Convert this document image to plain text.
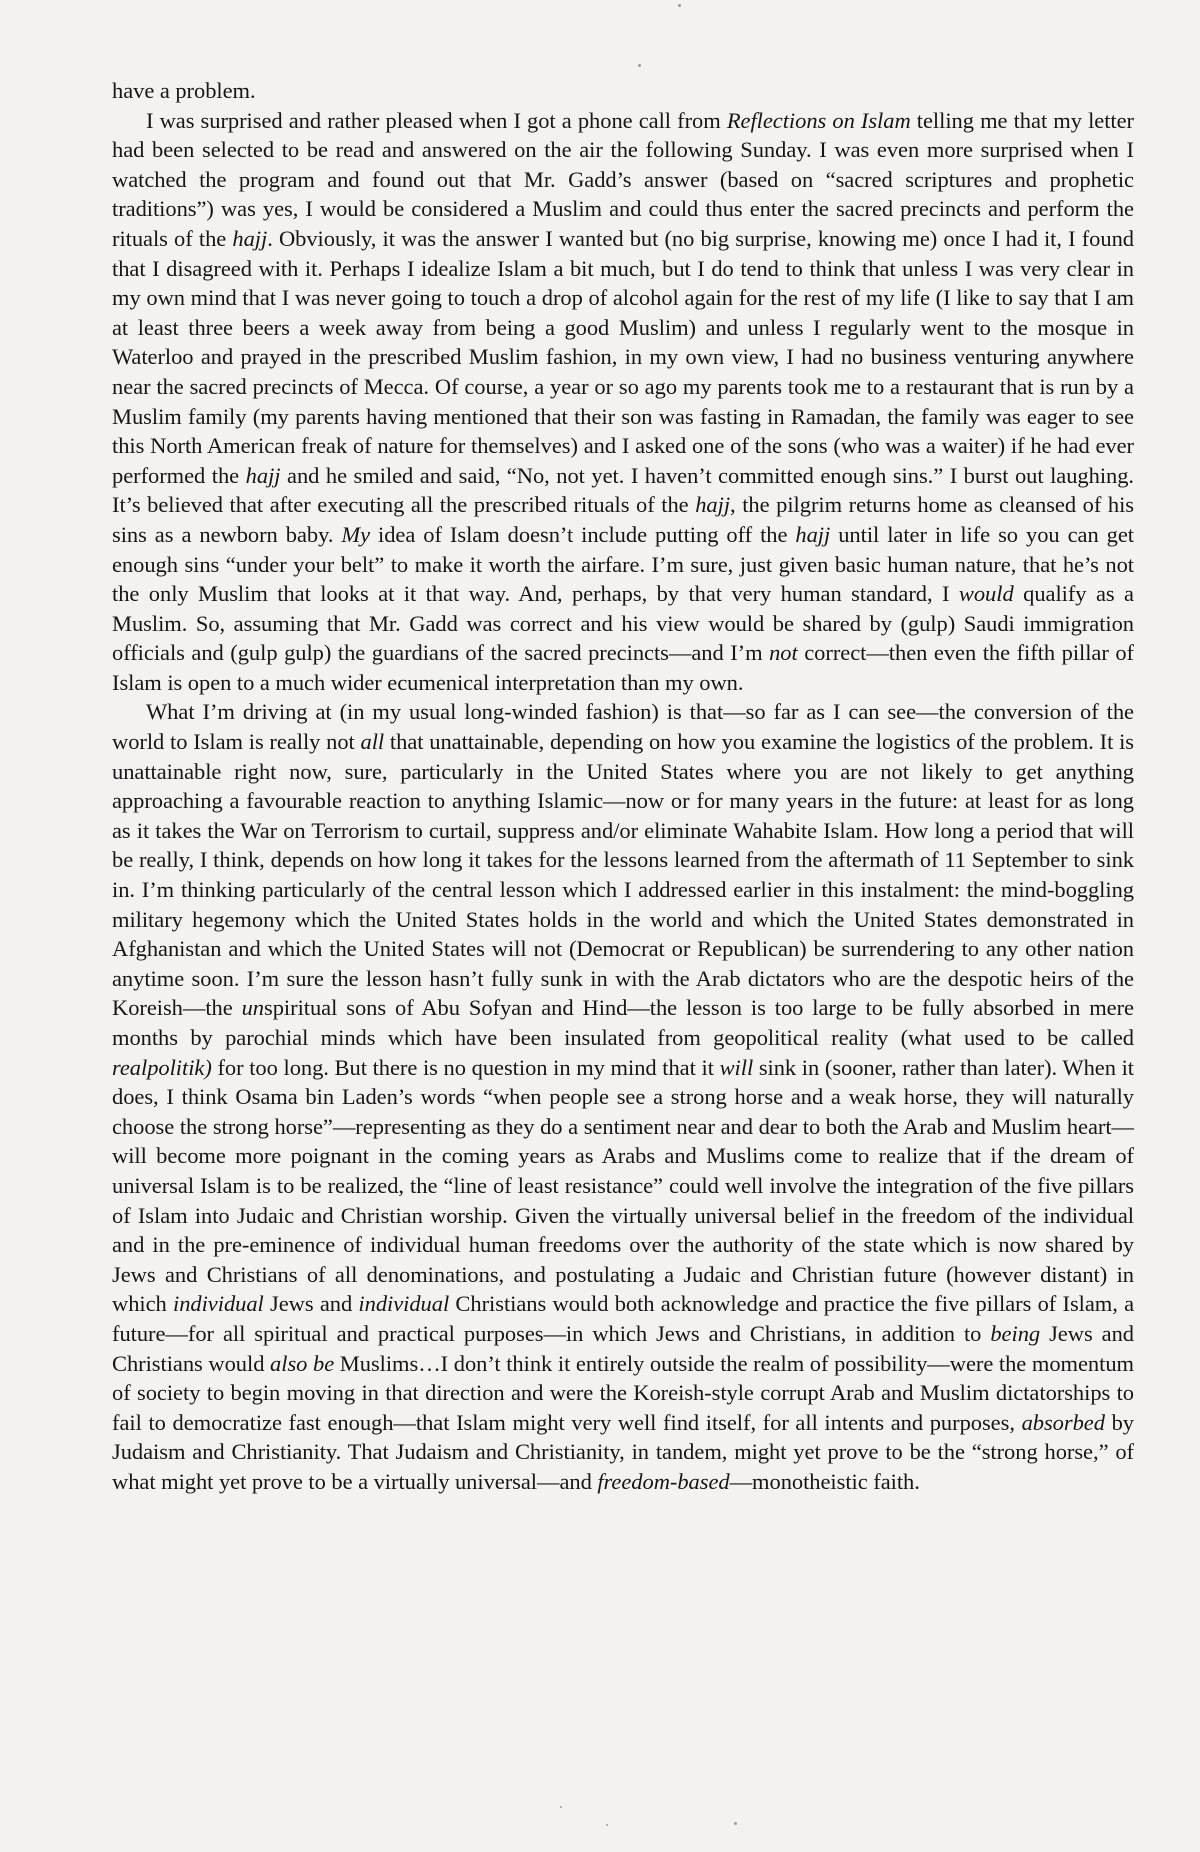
have a problem.

I was surprised and rather pleased when I got a phone call from Reflections on Islam telling me that my letter had been selected to be read and answered on the air the following Sunday. I was even more surprised when I watched the program and found out that Mr. Gadd’s answer (based on “sacred scriptures and prophetic traditions”) was yes, I would be considered a Muslim and could thus enter the sacred precincts and perform the rituals of the hajj. Obviously, it was the answer I wanted but (no big surprise, knowing me) once I had it, I found that I disagreed with it. Perhaps I idealize Islam a bit much, but I do tend to think that unless I was very clear in my own mind that I was never going to touch a drop of alcohol again for the rest of my life (I like to say that I am at least three beers a week away from being a good Muslim) and unless I regularly went to the mosque in Waterloo and prayed in the prescribed Muslim fashion, in my own view, I had no business venturing anywhere near the sacred precincts of Mecca. Of course, a year or so ago my parents took me to a restaurant that is run by a Muslim family (my parents having mentioned that their son was fasting in Ramadan, the family was eager to see this North American freak of nature for themselves) and I asked one of the sons (who was a waiter) if he had ever performed the hajj and he smiled and said, “No, not yet. I haven’t committed enough sins.” I burst out laughing. It’s believed that after executing all the prescribed rituals of the hajj, the pilgrim returns home as cleansed of his sins as a newborn baby. My idea of Islam doesn’t include putting off the hajj until later in life so you can get enough sins “under your belt” to make it worth the airfare. I’m sure, just given basic human nature, that he’s not the only Muslim that looks at it that way. And, perhaps, by that very human standard, I would qualify as a Muslim. So, assuming that Mr. Gadd was correct and his view would be shared by (gulp) Saudi immigration officials and (gulp gulp) the guardians of the sacred precincts—and I’m not correct—then even the fifth pillar of Islam is open to a much wider ecumenical interpretation than my own.

What I’m driving at (in my usual long-winded fashion) is that—so far as I can see—the conversion of the world to Islam is really not all that unattainable, depending on how you examine the logistics of the problem. It is unattainable right now, sure, particularly in the United States where you are not likely to get anything approaching a favourable reaction to anything Islamic—now or for many years in the future: at least for as long as it takes the War on Terrorism to curtail, suppress and/or eliminate Wahabite Islam. How long a period that will be really, I think, depends on how long it takes for the lessons learned from the aftermath of 11 September to sink in. I’m thinking particularly of the central lesson which I addressed earlier in this instalment: the mind-boggling military hegemony which the United States holds in the world and which the United States demonstrated in Afghanistan and which the United States will not (Democrat or Republican) be surrendering to any other nation anytime soon. I’m sure the lesson hasn’t fully sunk in with the Arab dictators who are the despotic heirs of the Koreish—the unspiritual sons of Abu Sofyan and Hind—the lesson is too large to be fully absorbed in mere months by parochial minds which have been insulated from geopolitical reality (what used to be called realpolitik) for too long. But there is no question in my mind that it will sink in (sooner, rather than later). When it does, I think Osama bin Laden’s words “when people see a strong horse and a weak horse, they will naturally choose the strong horse”—representing as they do a sentiment near and dear to both the Arab and Muslim heart—will become more poignant in the coming years as Arabs and Muslims come to realize that if the dream of universal Islam is to be realized, the “line of least resistance” could well involve the integration of the five pillars of Islam into Judaic and Christian worship. Given the virtually universal belief in the freedom of the individual and in the pre-eminence of individual human freedoms over the authority of the state which is now shared by Jews and Christians of all denominations, and postulating a Judaic and Christian future (however distant) in which individual Jews and individual Christians would both acknowledge and practice the five pillars of Islam, a future—for all spiritual and practical purposes—in which Jews and Christians, in addition to being Jews and Christians would also be Muslims…I don’t think it entirely outside the realm of possibility—were the momentum of society to begin moving in that direction and were the Koreish-style corrupt Arab and Muslim dictatorships to fail to democratize fast enough—that Islam might very well find itself, for all intents and purposes, absorbed by Judaism and Christianity. That Judaism and Christianity, in tandem, might yet prove to be the “strong horse,” of what might yet prove to be a virtually universal—and freedom-based—monotheistic faith.
